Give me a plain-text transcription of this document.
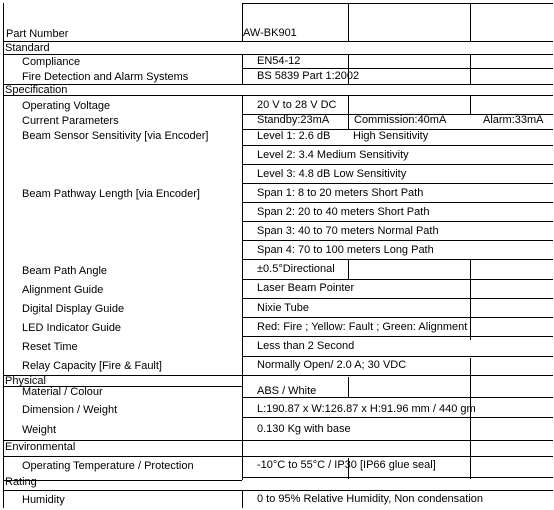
Part Number	AW-BK901
Standard
Compliance	EN54-12
Fire Detection and Alarm Systems	BS 5839 Part 1:2002
Specification
Operating Voltage	20 V to 28 V DC
Current Parameters	Standby:23mA Commission:40mA	Alarm:33mA
Beam Sensor Sensitivity [via Encoder]	Level 1: 2.6 dB High Sensitivity
Level 2: 3.4 Medium Sensitivity
Level 3: 4.8 dB Low Sensitivity
Beam Pathway Length [via Encoder]	Span 1: 8 to 20 meters Short Path
Span 2: 20 to 40 meters Short Path
Span 3: 40 to 70 meters Normal Path
Span 4: 70 to 100 meters Long Path
Beam Path Angle	±0.5°Directional
Alignment Guide	Laser Beam Pointer
Digital Display Guide	Nixie Tube
LED Indicator Guide	Red: Fire ; Yellow: Fault ; Green: Alignment
Reset Time	Less than 2 Second
Relay Capacity [Fire & Fault]	Normally Open/ 2.0 A; 30 VDC
Physical
Material / Colour	ABS / White
Dimension / Weight	L:190.87 x W:126.87 x H:91.96 mm / 440 gm
Weight	0.130 Kg with base
Environmental
Operating Temperature / Protection	-10°C to 55°C / IP30 [IP66 glue seal]
Rating
Humidity	0 to 95% Relative Humidity, Non condensation
